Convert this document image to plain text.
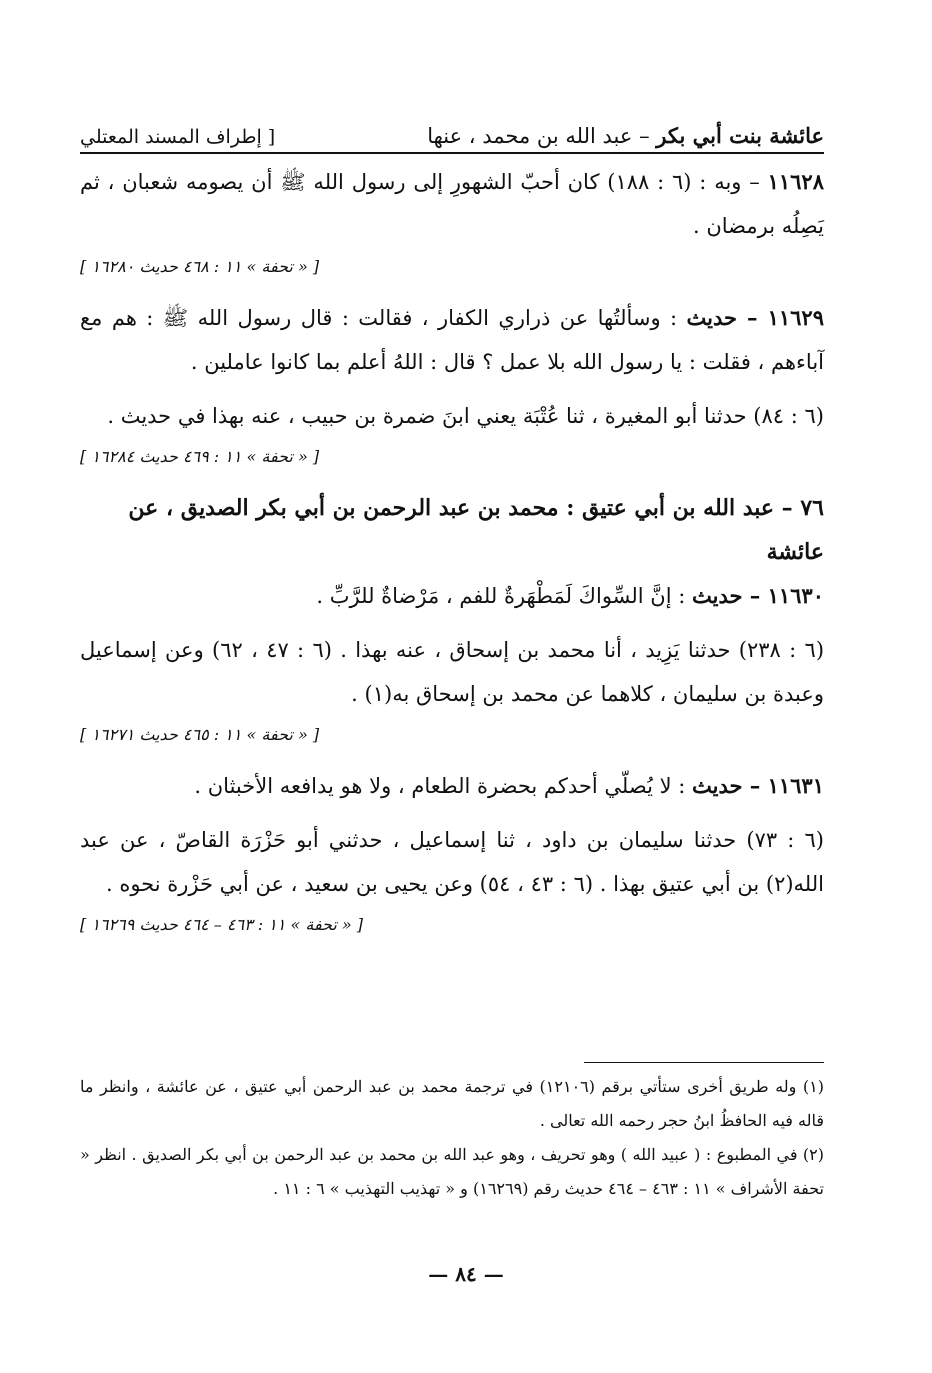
عائشة بنت أبي بكر – عبد الله بن محمد ، عنها
[ إطراف المسند المعتلي

١١٦٢٨ – وبه : (٦ : ١٨٨) كان أحبّ الشهورِ إلى رسول الله ﷺ أن يصومه شعبان ، ثم يَصِلُه برمضان .

[ « تحفة » ١١ : ٤٦٨ حديث ١٦٢٨٠ ]

١١٦٢٩ – حديث : وسألتُها عن ذراري الكفار ، فقالت : قال رسول الله ﷺ : هم مع آباءهم ، فقلت : يا رسول الله بلا عمل ؟ قال : اللهُ أعلم بما كانوا عاملين .

(٦ : ٨٤) حدثنا أبو المغيرة ، ثنا عُتْبَة يعني ابنَ ضمرة بن حبيب ، عنه بهذا في حديث .

[ « تحفة » ١١ : ٤٦٩ حديث ١٦٢٨٤ ]
٧٦ – عبد الله بن أبي عتيق : محمد بن عبد الرحمن بن أبي بكر الصديق ، عن عائشة

١١٦٣٠ – حديث : إنَّ السِّواكَ لَمَطْهَرةٌ للفم ، مَرْضاةٌ للرَّبِّ .

(٦ : ٢٣٨) حدثنا يَزِيد ، أنا محمد بن إسحاق ، عنه بهذا . (٦ : ٤٧ ، ٦٢) وعن إسماعيل وعبدة بن سليمان ، كلاهما عن محمد بن إسحاق به(١) .

[ « تحفة » ١١ : ٤٦٥ حديث ١٦٢٧١ ]

١١٦٣١ – حديث : لا يُصلّي أحدكم بحضرة الطعام ، ولا هو يدافعه الأخبثان .

(٦ : ٧٣) حدثنا سليمان بن داود ، ثنا إسماعيل ، حدثني أبو حَزْرَة القاصّ ، عن عبد الله(٢) بن أبي عتيق بهذا . (٦ : ٤٣ ، ٥٤) وعن يحيى بن سعيد ، عن أبي حَزْرة نحوه .

[ « تحفة » ١١ : ٤٦٣ – ٤٦٤ حديث ١٦٢٦٩ ]

(١) وله طريق أخرى ستأتي برقم (١٢١٠٦) في ترجمة محمد بن عبد الرحمن أبي عتيق ، عن عائشة ، وانظر ما قاله فيه الحافظُ ابنُ حجر رحمه الله تعالى .

(٢) في المطبوع : ( عبيد الله ) وهو تحريف ، وهو عبد الله بن محمد بن عبد الرحمن بن أبي بكر الصديق . انظر « تحفة الأشراف » ١١ : ٤٦٣ – ٤٦٤ حديث رقم (١٦٢٦٩) و « تهذيب التهذيب » ٦ : ١١ .

— ٨٤ —
